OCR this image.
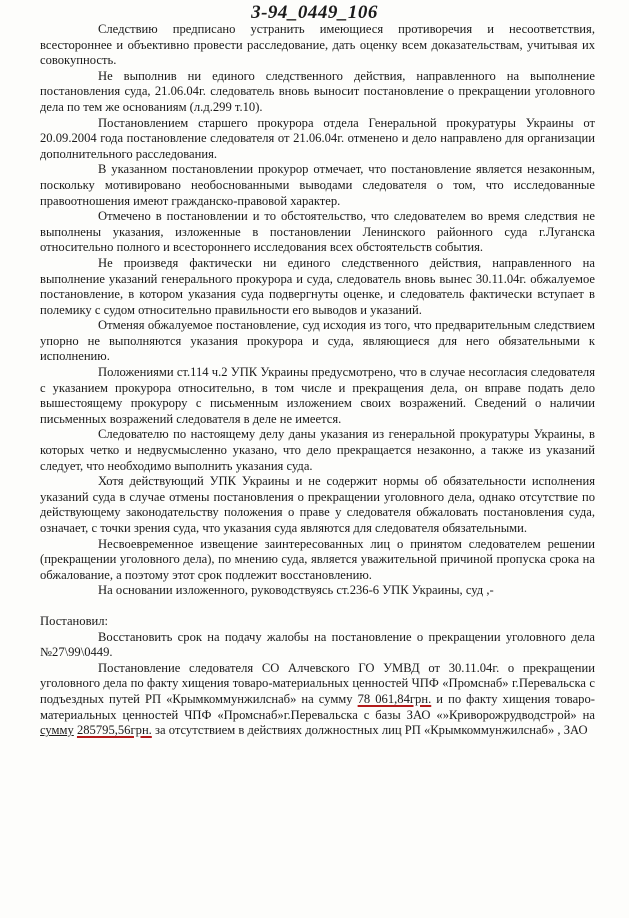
3-94_0449_106

Следствию предписано устранить имеющиеся противоречия и несоответствия, всестороннее и объективно провести расследование, дать оценку всем доказательствам, учитывая их совокупность.

Не выполнив ни единого следственного действия, направленного на выполнение постановления суда, 21.06.04г. следователь вновь выносит постановление о прекращении уголовного дела по тем же основаниям (л.д.299 т.10).

Постановлением старшего прокурора отдела Генеральной прокуратуры Украины от 20.09.2004 года постановление следователя от 21.06.04г. отменено и дело направлено для организации дополнительного расследования.

В указанном постановлении прокурор отмечает, что постановление является незаконным, поскольку мотивировано необоснованными выводами следователя о том, что исследованные правоотношения имеют гражданско-правовой характер.

Отмечено в постановлении и то обстоятельство, что следователем во время следствия не выполнены указания, изложенные в постановлении Ленинского районного суда г.Луганска относительно полного и всестороннего исследования всех обстоятельств события.

Не произведя фактически ни единого следственного действия, направленного на выполнение указаний генерального прокурора и суда, следователь вновь вынес 30.11.04г. обжалуемое постановление, в котором указания суда подвергнуты оценке, и следователь фактически вступает в полемику с судом относительно правильности его выводов и указаний.

Отменяя обжалуемое постановление, суд исходия из того, что предварительным следствием упорно не выполняются указания прокурора и суда, являющиеся для него обязательными к исполнению.

Положениями ст.114 ч.2 УПК Украины предусмотрено, что в случае несогласия следователя с указанием прокурора относительно, в том числе и прекращения дела, он вправе подать дело вышестоящему прокурору с письменным изложением своих возражений. Сведений о наличии письменных возражений следователя в деле не имеется.

Следователю по настоящему делу даны указания из генеральной прокуратуры Украины, в которых четко и недвусмысленно указано, что дело прекращается незаконно, а также из указаний следует, что необходимо выполнить указания суда.

Хотя действующий УПК Украины и не содержит нормы об обязательности исполнения указаний суда в случае отмены постановления о прекращении уголовного дела, однако отсутствие по действующему законодательству положения о праве у следователя обжаловать постановления суда, означает, с точки зрения суда, что указания суда являются для следователя обязательными.

Несвоевременное извещение заинтересованных лиц о принятом следователем решении (прекращении уголовного дела), по мнению суда, является уважительной причиной пропуска срока на обжалование, а поэтому этот срок подлежит восстановлению.

На основании изложенного, руководствуясь ст.236-6 УПК Украины, суд ,-

Постановил:

Восстановить срок на подачу жалобы на постановление о прекращении уголовного дела №27\99\0449.

Постановление следователя СО Алчевского ГО УМВД от 30.11.04г. о прекращении уголовного дела по факту хищения товаро-материальных ценностей ЧПФ «Промснаб» г.Перевальска с подъездных путей РП «Крымкоммунжилснаб» на сумму 78 061,84грн. и по факту хищения товаро-материальных ценностей ЧПФ «Промснаб»г.Перевальска с базы ЗАО «»Криворожрудводстрой» на сумму 285795,56грн. за отсутствием в действиях должностных лиц РП «Крымкоммунжилснаб» , ЗАО
